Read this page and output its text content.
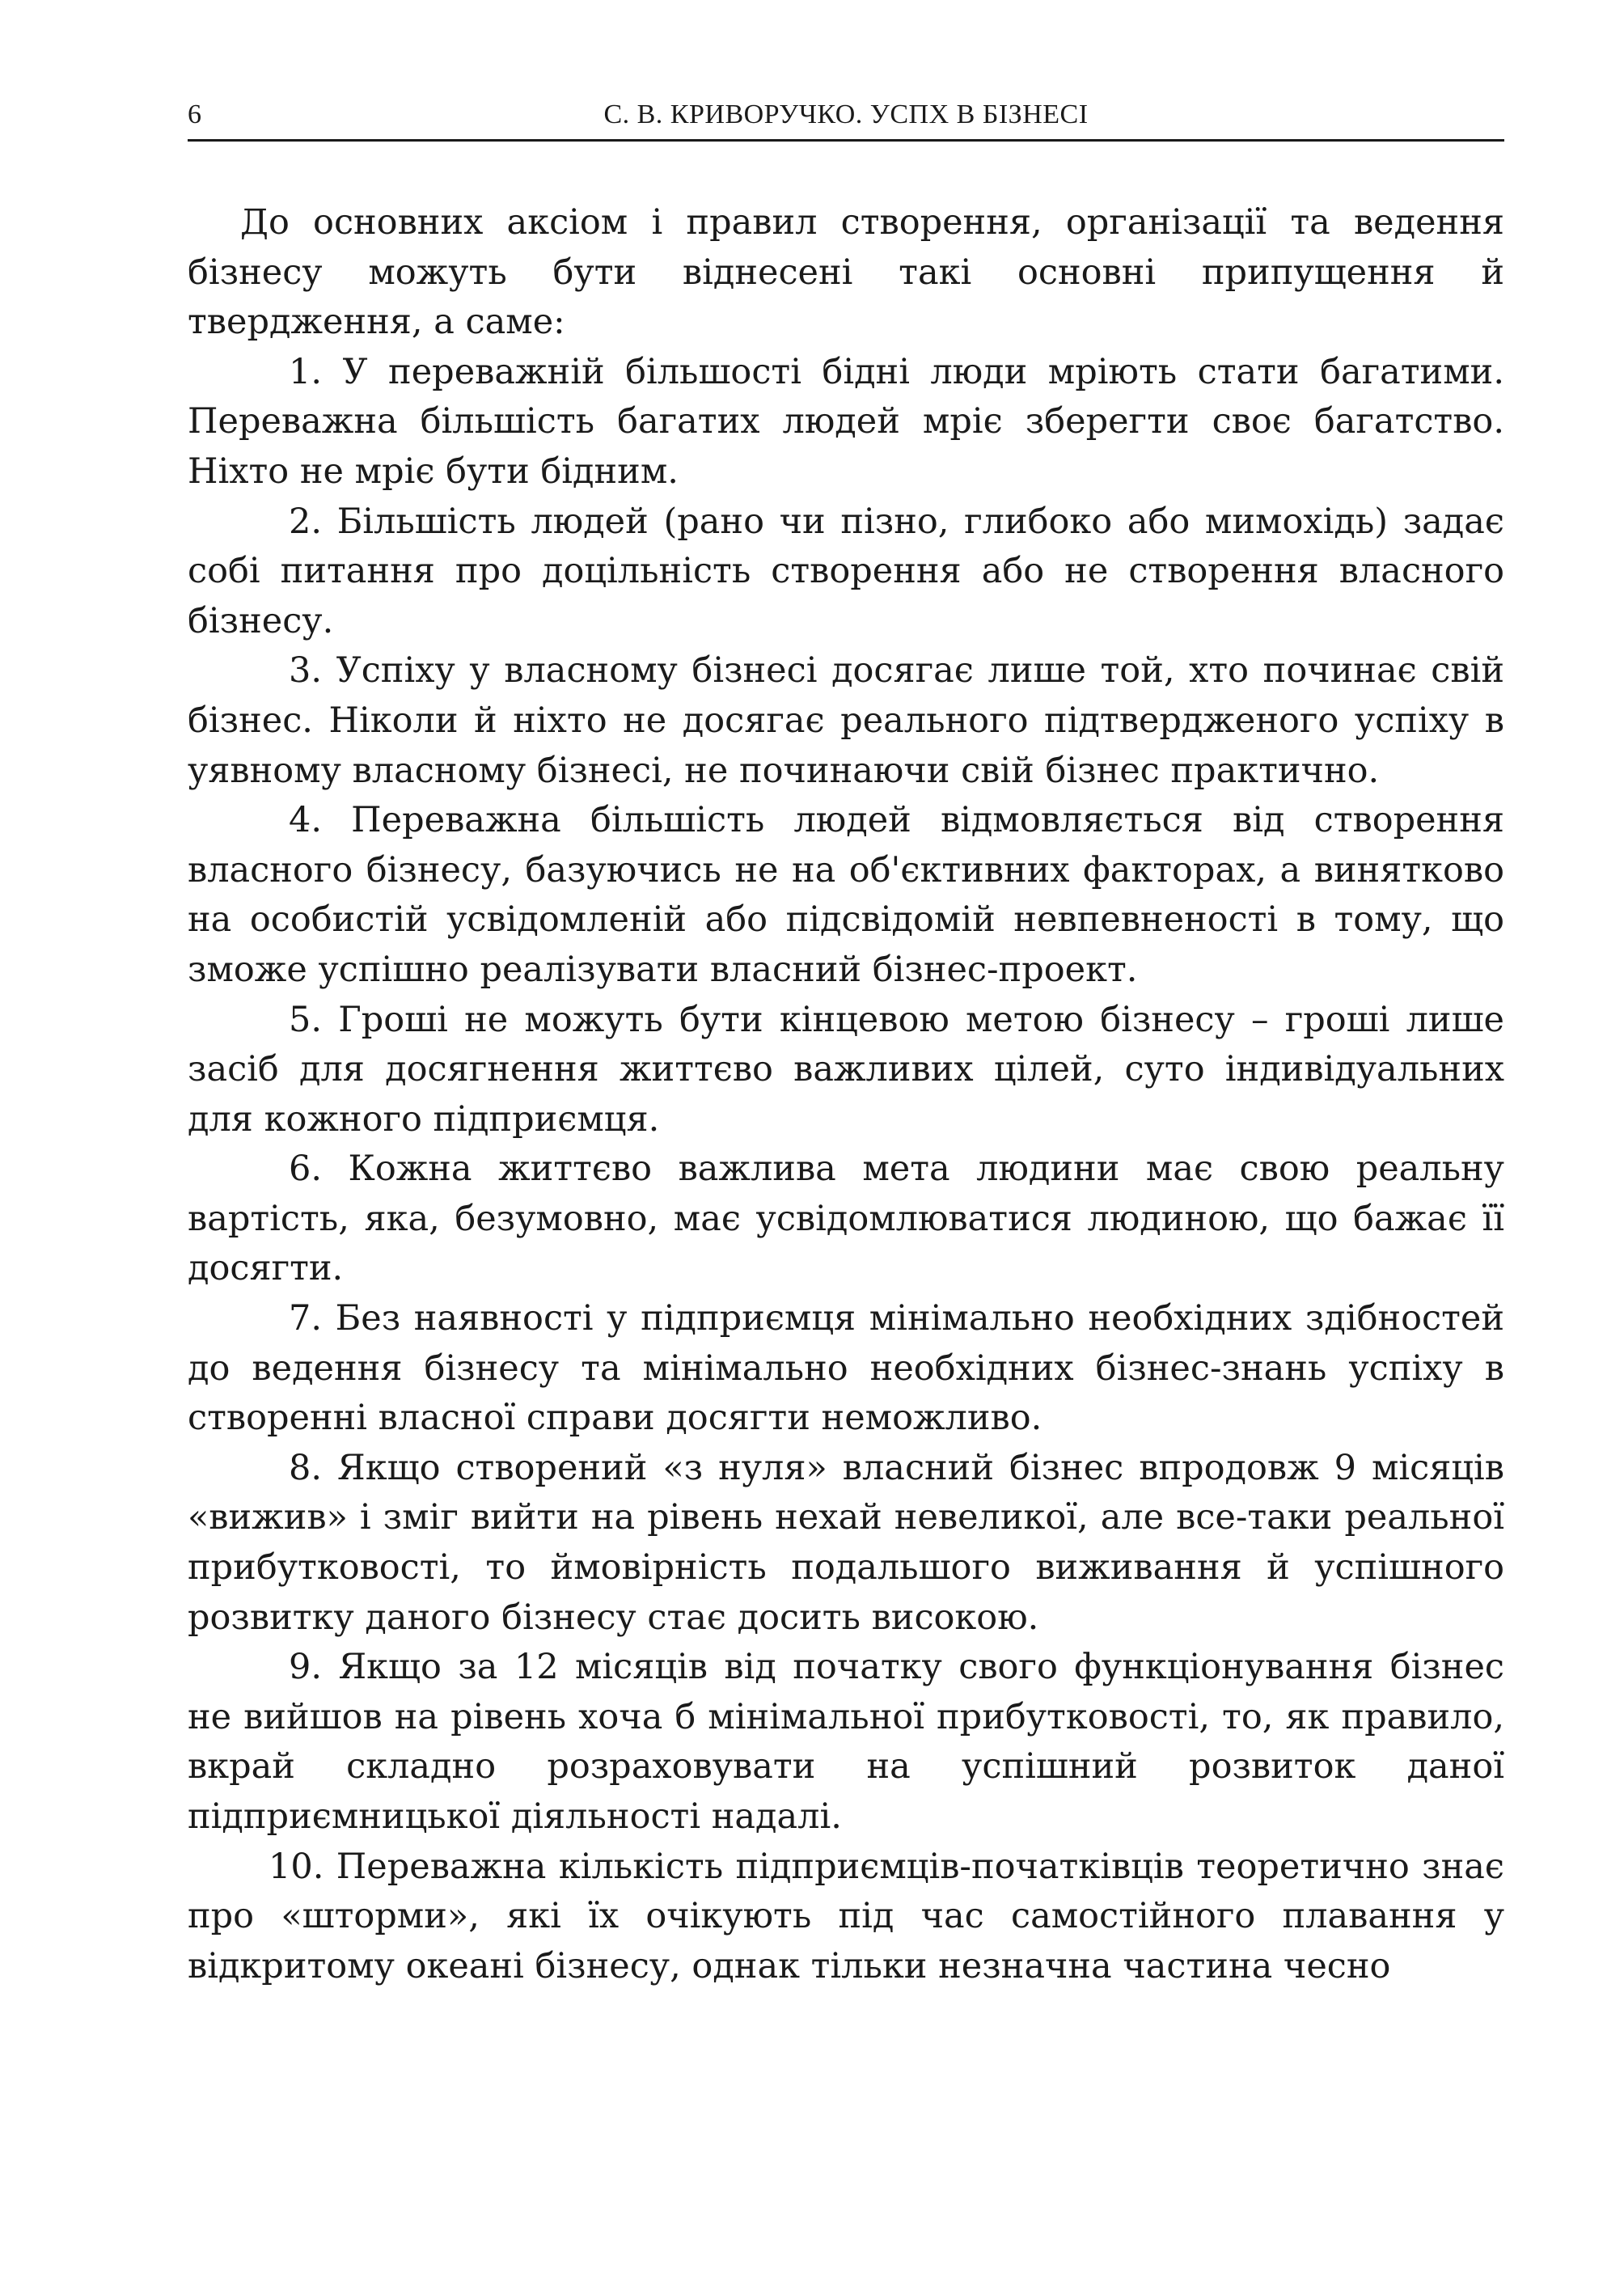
6	С. В. КРИВОРУЧКО. УСПХ В БІЗНЕСІ

До основних аксіом і правил створення, організації та ведення бізнесу можуть бути віднесені такі основні припущення й твердження, а саме:

1. У переважній більшості бідні люди мріють стати багатими. Переважна більшість багатих людей мріє зберегти своє багатство. Ніхто не мріє бути бідним.

2. Більшість людей (рано чи пізно, глибоко або мимохідь) задає собі питання про доцільність створення або не створення власного бізнесу.

3. Успіху у власному бізнесі досягає лише той, хто починає свій бізнес. Ніколи й ніхто не досягає реального підтвердженого успіху в уявному власному бізнесі, не починаючи свій бізнес практично.

4. Переважна більшість людей відмовляється від створення власного бізнесу, базуючись не на об'єктивних факторах, а винятково на особистій усвідомленій або підсвідомій невпевненості в тому, що зможе успішно реалізувати власний бізнес-проект.

5. Гроші не можуть бути кінцевою метою бізнесу – гроші лише засіб для досягнення життєво важливих цілей, суто індивідуальних для кожного підприємця.

6. Кожна життєво важлива мета людини має свою реальну вартість, яка, безумовно, має усвідомлюватися людиною, що бажає її досягти.

7. Без наявності у підприємця мінімально необхідних здібностей до ведення бізнесу та мінімально необхідних бізнес-знань успіху в створенні власної справи досягти неможливо.

8. Якщо створений «з нуля» власний бізнес впродовж 9 місяців «вижив» і зміг вийти на рівень нехай невеликої, але все-таки реальної прибутковості, то ймовірність подальшого виживання й успішного розвитку даного бізнесу стає досить високою.

9. Якщо за 12 місяців від початку свого функціонування бізнес не вийшов на рівень хоча б мінімальної прибутковості, то, як правило, вкрай складно розраховувати на успішний розвиток даної підприємницької діяльності надалі.

10. Переважна кількість підприємців-початківців теоретично знає про «шторми», які їх очікують під час самостійного плавання у відкритому океані бізнесу, однак тільки незначна частина чесно
